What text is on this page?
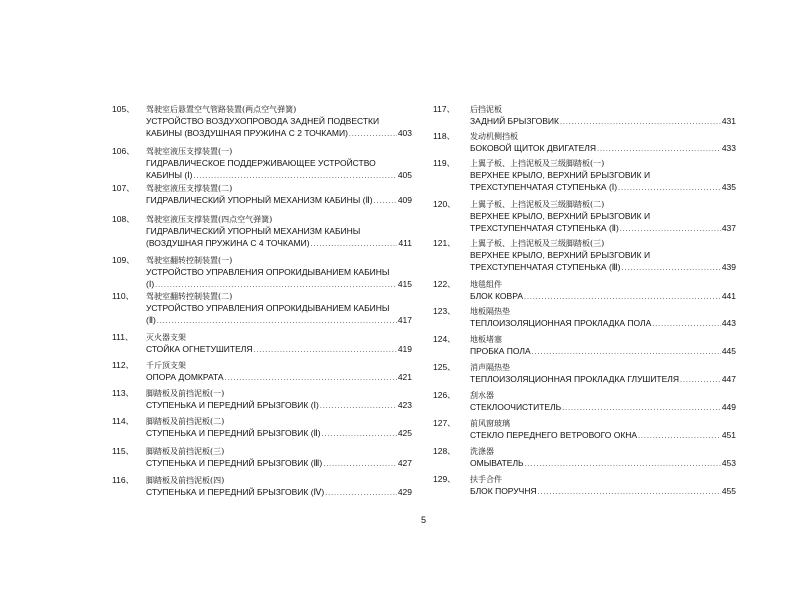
105、 驾驶室后悬置空气管路装置(两点空气弹簧)
УСТРОЙСТВО ВОЗДУХОПРОВОДА ЗАДНЕЙ ПОДВЕСТКИ
КАБИНЫ (ВОЗДУШНАЯ ПРУЖИНА С 2 ТОЧКАМИ) .....	403
106、 驾驶室液压支撑装置(一)
ГИДРАВЛИЧЕСКОЕ ПОДДЕРЖИВАЮЩЕЕ УСТРОЙСТВО
КАБИНЫ (Ⅰ) .....	405
107、 驾驶室液压支撑装置(二)
ГИДРАВЛИЧЕСКИЙ УПОРНЫЙ МЕХАНИЗМ КАБИНЫ (Ⅱ) .....	409
108、 驾驶室液压支撑装置(四点空气弹簧)
ГИДРАВЛИЧЕСКИЙ УПОРНЫЙ МЕХАНИЗМ КАБИНЫ
(ВОЗДУШНАЯ ПРУЖИНА С 4 ТОЧКАМИ) .....	411
109、 驾驶室翻转控制装置(一)
УСТРОЙСТВО УПРАВЛЕНИЯ ОПРОКИДЫВАНИЕМ КАБИНЫ
(Ⅰ) .....	415
110、 驾驶室翻转控制装置(二)
УСТРОЙСТВО УПРАВЛЕНИЯ ОПРОКИДЫВАНИЕМ КАБИНЫ
(Ⅱ) .....	417
111、 灭火器支架
СТОЙКА ОГНЕТУШИТЕЛЯ .....	419
112、 千斤顶支架
ОПОРА ДОМКРАТА .....	421
113、 脚踏板及前挡泥板(一)
СТУПЕНЬКА И ПЕРЕДНИЙ БРЫЗГОВИК (Ⅰ) .....	423
114、 脚踏板及前挡泥板(二)
СТУПЕНЬКА И ПЕРЕДНИЙ БРЫЗГОВИК (Ⅱ) .....	425
115、 脚踏板及前挡泥板(三)
СТУПЕНЬКА И ПЕРЕДНИЙ БРЫЗГОВИК (Ⅲ) .....	427
116、 脚踏板及前挡泥板(四)
СТУПЕНЬКА И ПЕРЕДНИЙ БРЫЗГОВИК (Ⅳ) .....	429
117、 后挡泥板
ЗАДНИЙ БРЫЗГОВИК .....	431
118、 发动机侧挡板
БОКОВОЙ ЩИТОК ДВИГАТЕЛЯ .....	433
119、 上翼子板、上挡泥板及三级脚踏板(一)
ВЕРХНЕЕ КРЫЛО, ВЕРХНИЙ БРЫЗГОВИК И
ТРЕХСТУПЕНЧАТАЯ СТУПЕНЬКА (Ⅰ) .....	435
120、 上翼子板、上挡泥板及三级脚踏板(二)
ВЕРХНЕЕ КРЫЛО, ВЕРХНИЙ БРЫЗГОВИК И
ТРЕХСТУПЕНЧАТАЯ СТУПЕНЬКА (Ⅱ) .....	437
121、 上翼子板、上挡泥板及三级脚踏板(三)
ВЕРХНЕЕ КРЫЛО, ВЕРХНИЙ БРЫЗГОВИК И
ТРЕХСТУПЕНЧАТАЯ СТУПЕНЬКА (Ⅲ) .....	439
122、 地毯组件
БЛОК КОВРА .....	441
123、 地板隔热垫
ТЕПЛОИЗОЛЯЦИОННАЯ ПРОКЛАДКА ПОЛА .....	443
124、 地板堵塞
ПРОБКА ПОЛА .....	445
125、 消声隔热垫
ТЕПЛОИЗОЛЯЦИОННАЯ ПРОКЛАДКА ГЛУШИТЕЛЯ .....	447
126、 刮水器
СТЕКЛООЧИСТИТЕЛЬ .....	449
127、 前风窗玻璃
СТЕКЛО ПЕРЕДНЕГО ВЕТРОВОГО ОКНА .....	451
128、 洗涤器
ОМЫВАТЕЛЬ .....	453
129、 扶手合件
БЛОК ПОРУЧНЯ .....	455
5
